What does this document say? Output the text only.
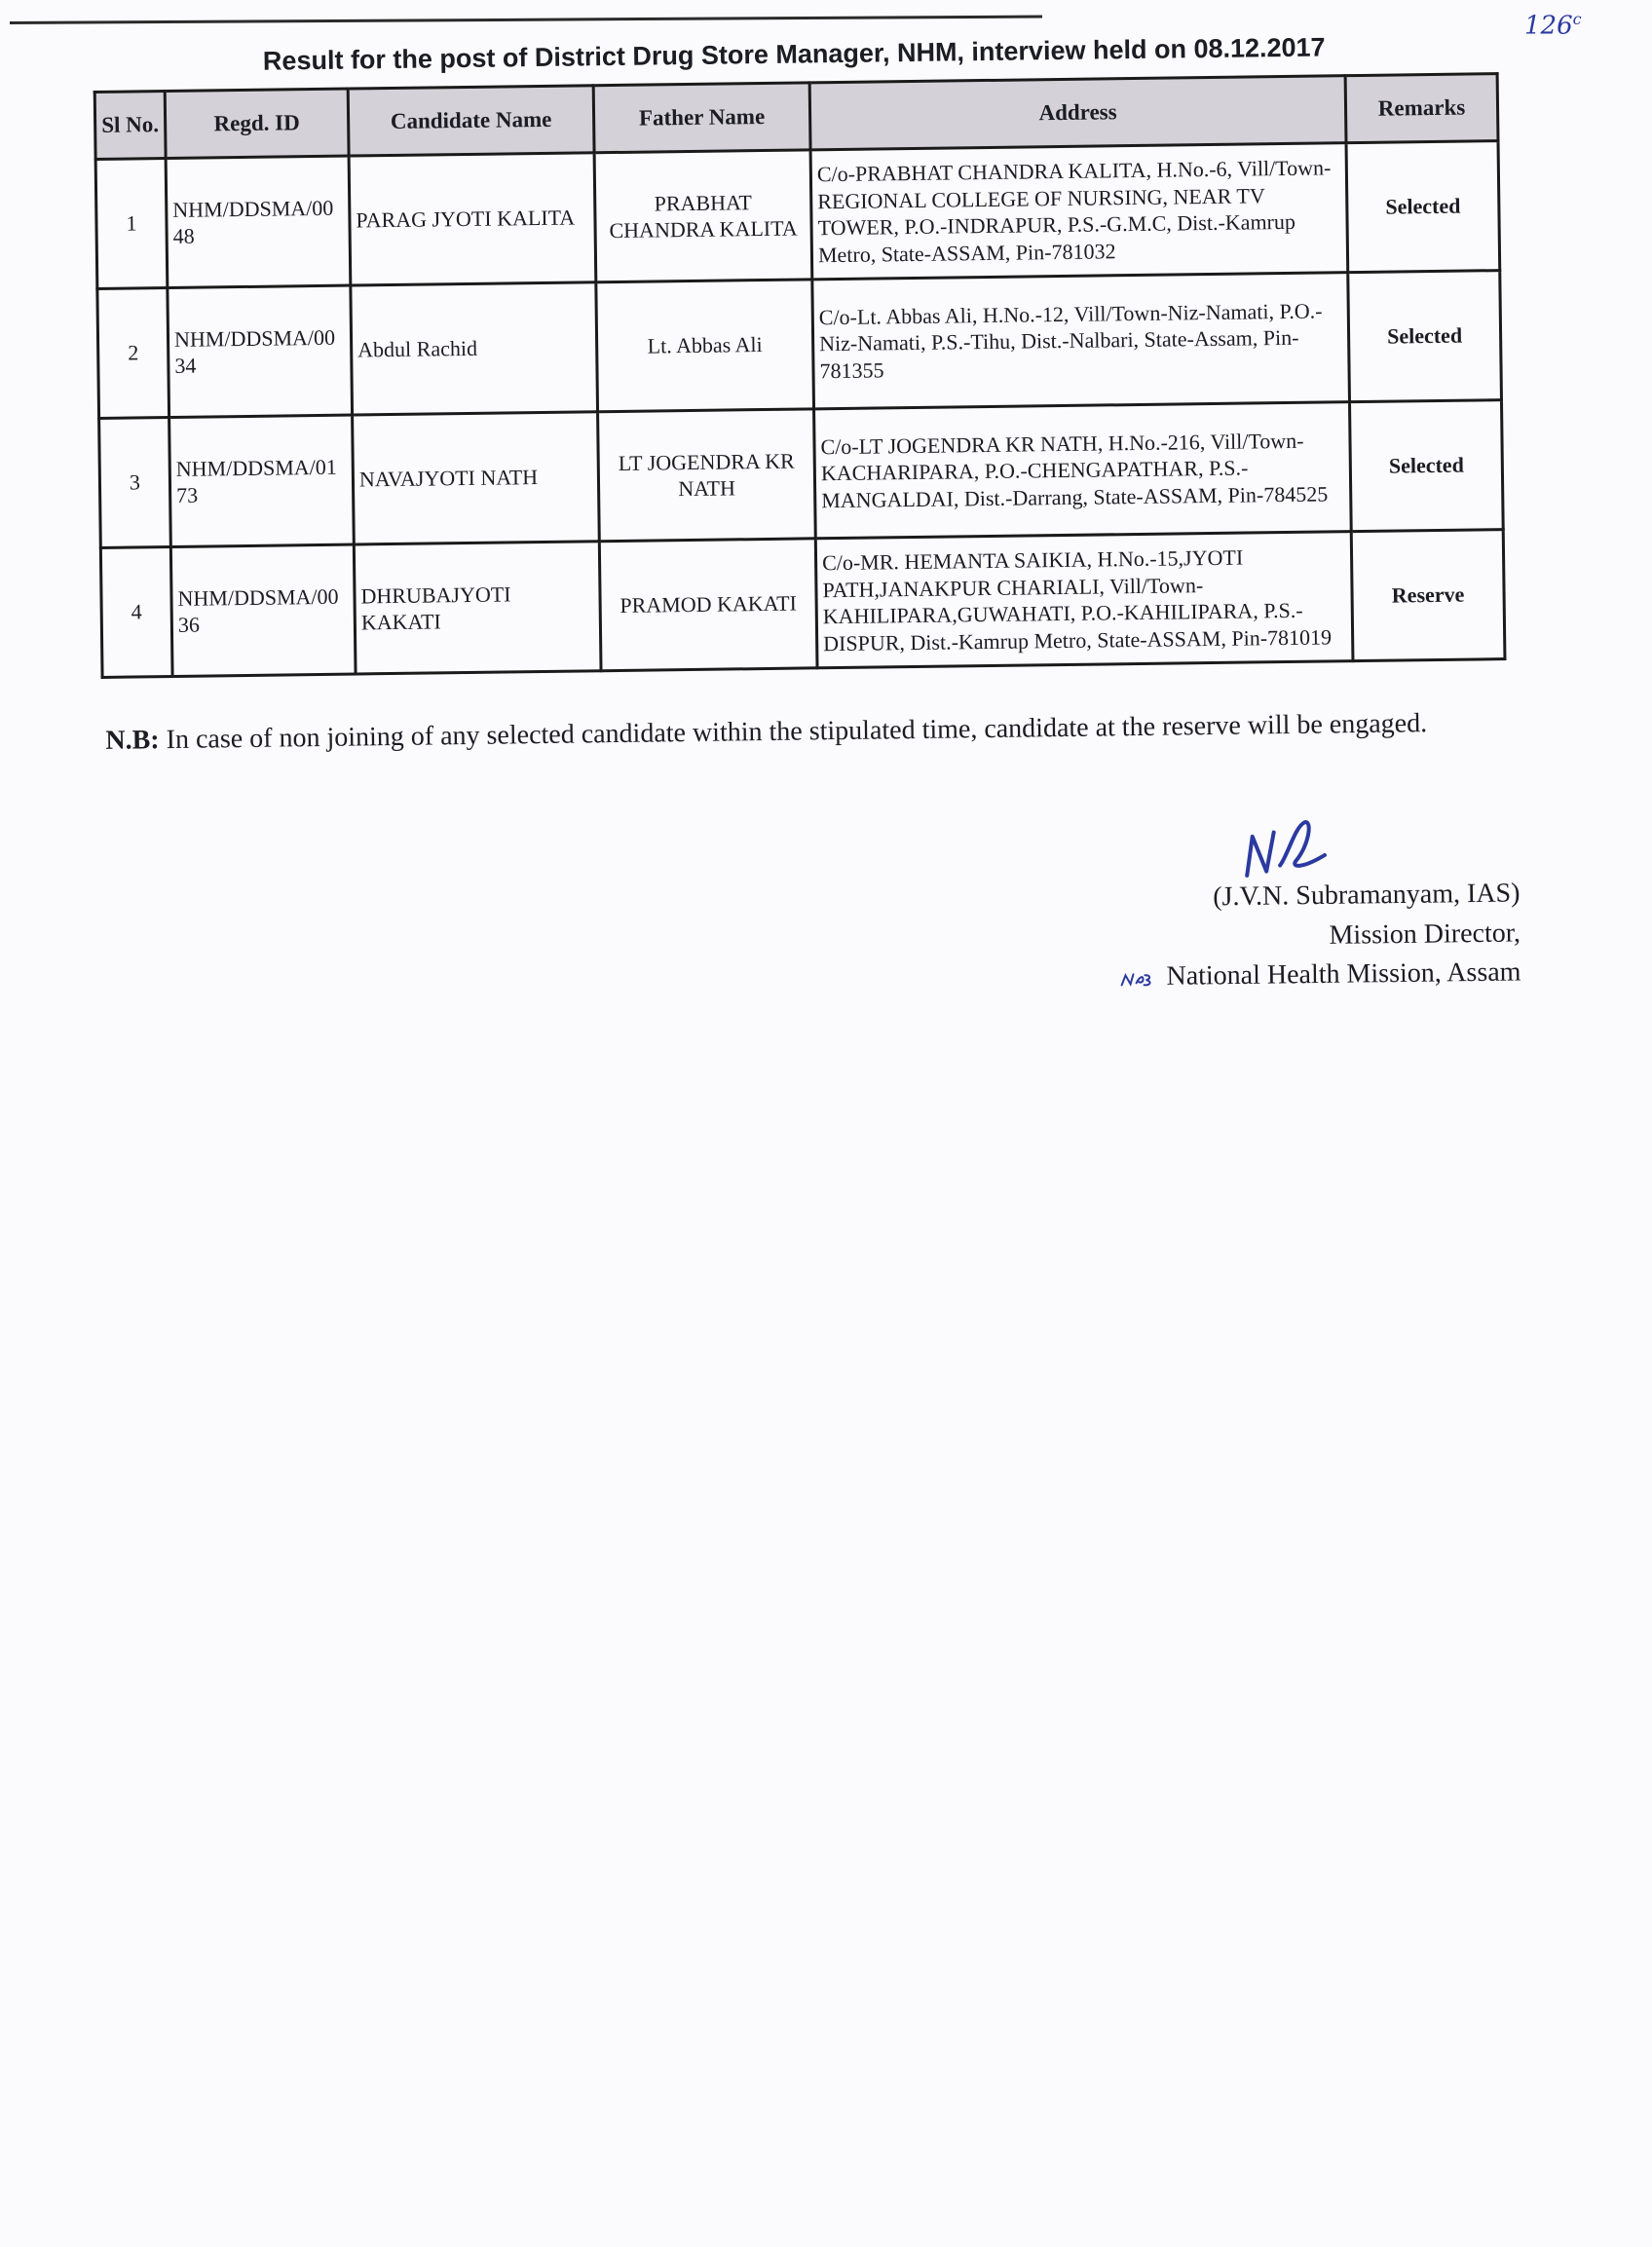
126$^c$
Result for the post of District Drug Store Manager, NHM, interview held on 08.12.2017
Sl No.	Regd. ID	Candidate Name	Father Name	Address	Remarks
1	NHM/DDSMA/0048	PARAG JYOTI KALITA	PRABHAT CHANDRA KALITA	C/o-PRABHAT CHANDRA KALITA, H.No.-6, Vill/Town-REGIONAL COLLEGE OF NURSING, NEAR TV TOWER, P.O.-INDRAPUR, P.S.-G.M.C, Dist.-Kamrup Metro, State-ASSAM, Pin-781032	Selected
2	NHM/DDSMA/0034	Abdul Rachid	Lt. Abbas Ali	C/o-Lt. Abbas Ali, H.No.-12, Vill/Town-Niz-Namati, P.O.-Niz-Namati, P.S.-Tihu, Dist.-Nalbari, State-Assam, Pin-781355	Selected
3	NHM/DDSMA/0173	NAVAJYOTI NATH	LT JOGENDRA KR NATH	C/o-LT JOGENDRA KR NATH, H.No.-216, Vill/Town-KACHARIPARA, P.O.-CHENGAPATHAR, P.S.-MANGALDAI, Dist.-Darrang, State-ASSAM, Pin-784525	Selected
4	NHM/DDSMA/0036	DHRUBAJYOTI KAKATI	PRAMOD KAKATI	C/o-MR. HEMANTA SAIKIA, H.No.-15,JYOTI PATH,JANAKPUR CHARIALI, Vill/Town-KAHILIPARA,GUWAHATI, P.O.-KAHILIPARA, P.S.-DISPUR, Dist.-Kamrup Metro, State-ASSAM, Pin-781019	Reserve
N.B: In case of non joining of any selected candidate within the stipulated time, candidate at the reserve will be engaged.
(J.V.N. Subramanyam, IAS)
Mission Director,
National Health Mission, Assam
